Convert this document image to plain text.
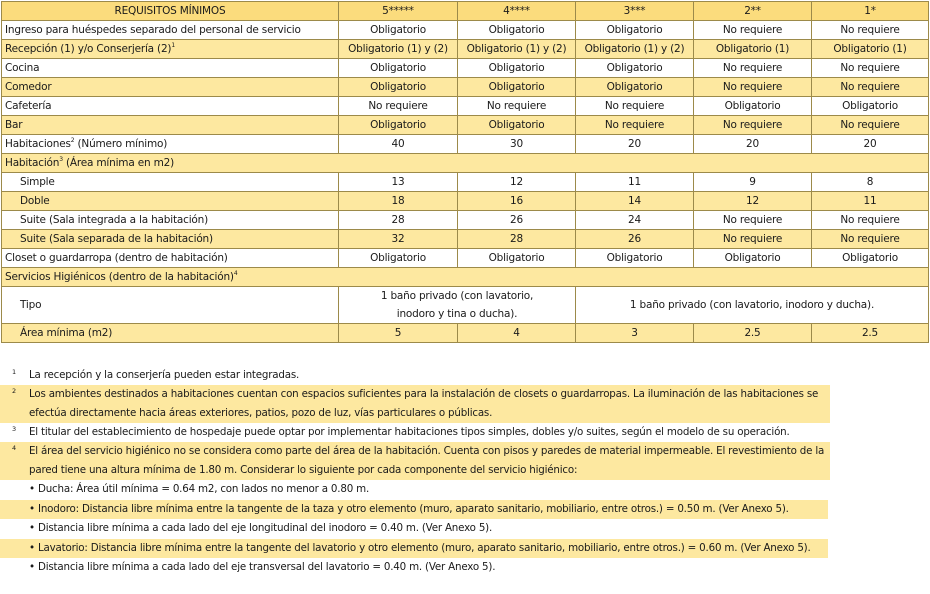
REQUISITOS MÍNIMOS	5*****	4****	3***	2**	1*
Ingreso para huéspedes separado del personal de servicio	Obligatorio	Obligatorio	Obligatorio	No requiere	No requiere
Recepción (1) y/o Conserjería $(2)^1$	Obligatorio (1) y (2)	Obligatorio (1) y (2)	Obligatorio (1) y (2)	Obligatorio (1)	Obligatorio (1)
Cocina	Obligatorio	Obligatorio	Obligatorio	No requiere	No requiere
Comedor	Obligatorio	Obligatorio	Obligatorio	No requiere	No requiere
Cafetería	No requiere	No requiere	No requiere	Obligatorio	Obligatorio
Bar	Obligatorio	Obligatorio	No requiere	No requiere	No requiere
Habitaciones$^2$ (Número mínimo)	40	30	20	20	20
Habitación$^3$ (Área mínima en m2)					
Simple	13	12	11	9	8
Doble	18	16	14	12	11
Suite (Sala integrada a la habitación)	28	26	24	No requiere	No requiere
Suite (Sala separada de la habitación)	32	28	26	No requiere	No requiere
Closet o guardarropa (dentro de habitación)	Obligatorio	Obligatorio	Obligatorio	Obligatorio	Obligatorio
Servicios Higiénicos (dentro de la habitación)$^4$
Tipo	1 baño privado (con lavatorio, inodoro y tina o ducha).		1 baño privado (con lavatorio, inodoro y ducha).		
Área mínima (m2)	5	4	3	2.5	2.5
1 La recepción y la conserjería pueden estar integradas.
2 Los ambientes destinados a habitaciones cuentan con espacios suficientes para la instalación de closets o guardarropas. La iluminación de las habitaciones se efectúa directamente hacia áreas exteriores, patios, pozo de luz, vías particulares o públicas.
3 El titular del establecimiento de hospedaje puede optar por implementar habitaciones tipos simples, dobles y/o suites, según el modelo de su operación.
4 El área del servicio higiénico no se considera como parte del área de la habitación. Cuenta con pisos y paredes de material impermeable. El revestimiento de la pared tiene una altura mínima de 1.80 m. Considerar lo siguiente por cada componente del servicio higiénico:
• Ducha: Área útil mínima = 0.64 m2, con lados no menor a 0.80 m.
• Inodoro: Distancia libre mínima entre la tangente de la taza y otro elemento (muro, aparato sanitario, mobiliario, entre otros.) = 0.50 m. (Ver Anexo 5).
• Distancia libre mínima a cada lado del eje longitudinal del inodoro = 0.40 m. (Ver Anexo 5).
• Lavatorio: Distancia libre mínima entre la tangente del lavatorio y otro elemento (muro, aparato sanitario, mobiliario, entre otros.) = 0.60 m. (Ver Anexo 5).
• Distancia libre mínima a cada lado del eje transversal del lavatorio = 0.40 m. (Ver Anexo 5).
